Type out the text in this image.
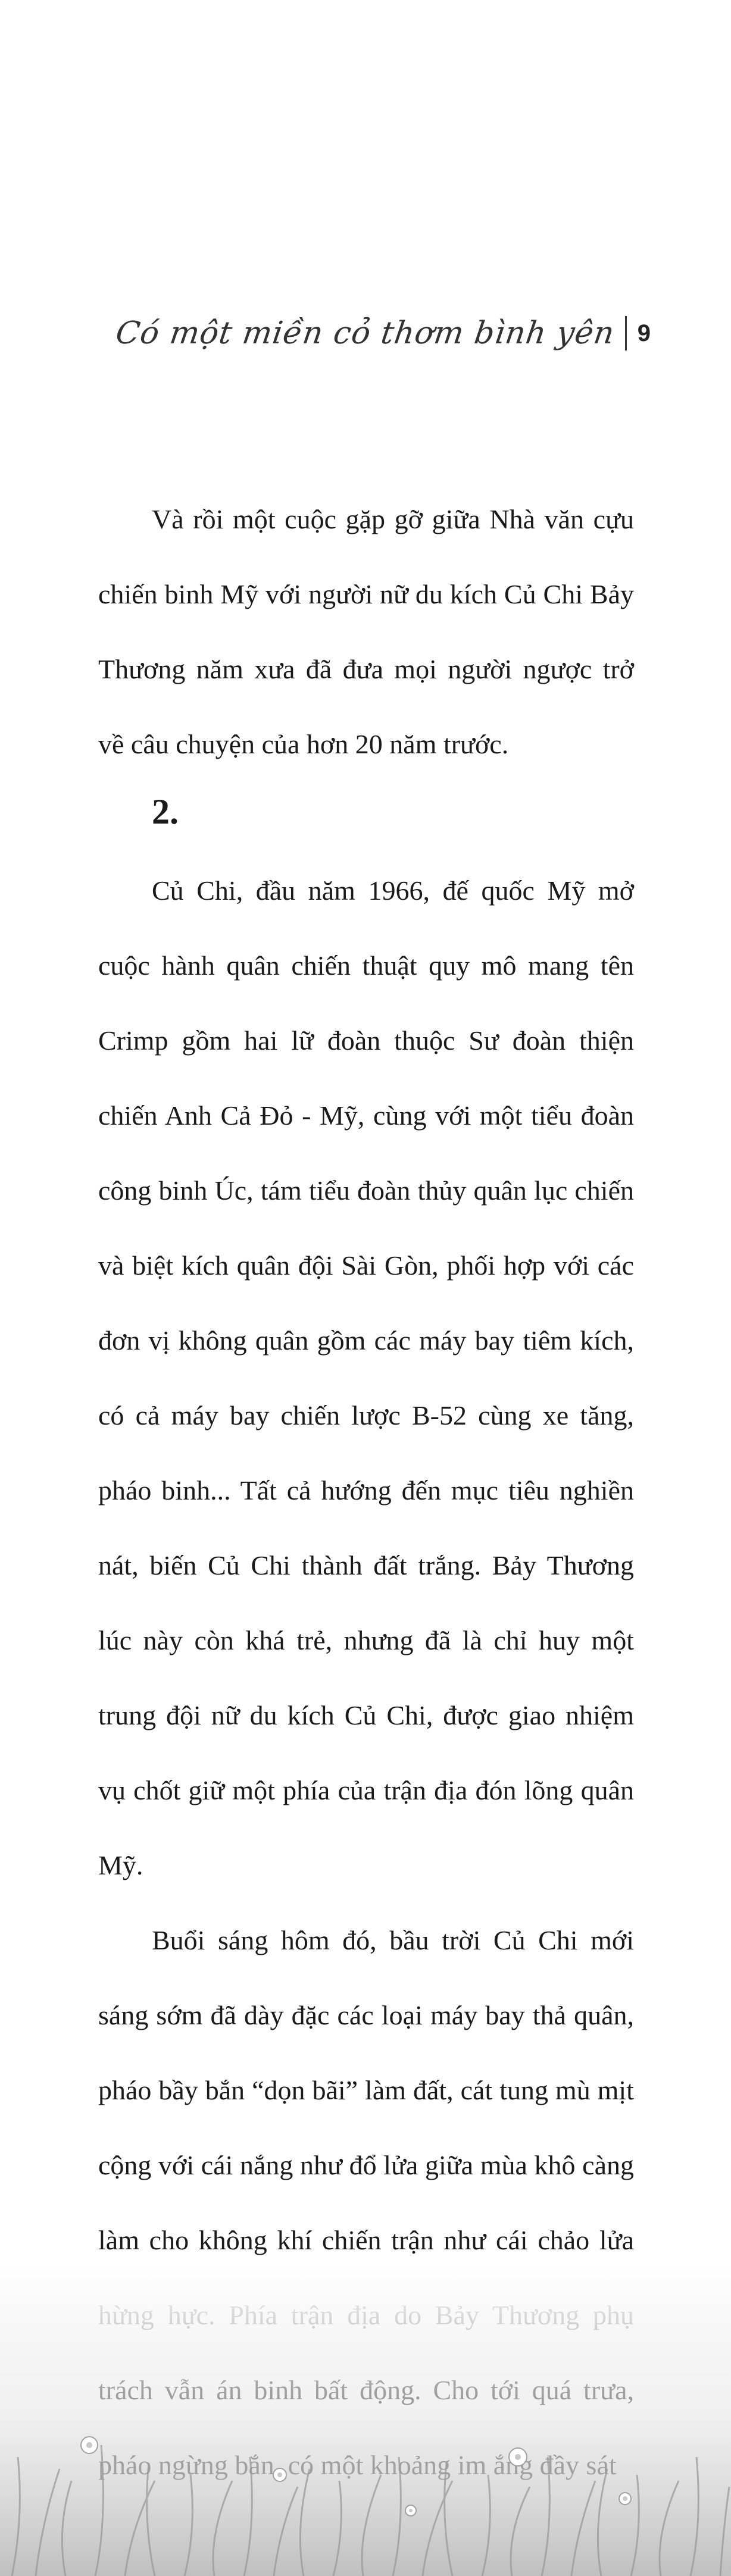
Có một miền cỏ thơm bình yên 9

Và rồi một cuộc gặp gỡ giữa Nhà văn cựu chiến binh Mỹ với người nữ du kích Củ Chi Bảy Thương năm xưa đã đưa mọi người ngược trở về câu chuyện của hơn 20 năm trước.

2.

Củ Chi, đầu năm 1966, đế quốc Mỹ mở cuộc hành quân chiến thuật quy mô mang tên Crimp gồm hai lữ đoàn thuộc Sư đoàn thiện chiến Anh Cả Đỏ - Mỹ, cùng với một tiểu đoàn công binh Úc, tám tiểu đoàn thủy quân lục chiến và biệt kích quân đội Sài Gòn, phối hợp với các đơn vị không quân gồm các máy bay tiêm kích, có cả máy bay chiến lược B-52 cùng xe tăng, pháo binh... Tất cả hướng đến mục tiêu nghiền nát, biến Củ Chi thành đất trắng. Bảy Thương lúc này còn khá trẻ, nhưng đã là chỉ huy một trung đội nữ du kích Củ Chi, được giao nhiệm vụ chốt giữ một phía của trận địa đón lõng quân Mỹ.

Buổi sáng hôm đó, bầu trời Củ Chi mới sáng sớm đã dày đặc các loại máy bay thả quân, pháo bầy bắn “dọn bãi” làm đất, cát tung mù mịt cộng với cái nắng như đổ lửa giữa mùa khô càng làm cho không khí chiến trận như cái chảo lửa
